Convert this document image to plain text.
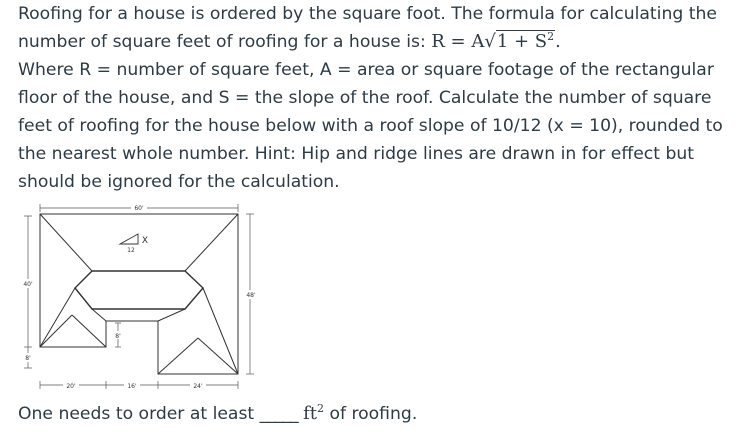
Roofing for a house is ordered by the square foot. The formula for calculating the

number of square feet of roofing for a house is: $R = A√1 + S^2$.

Where R = number of square feet, A = area or square footage of the rectangular floor of the house, and S = the slope of the roof. Calculate the number of square feet of roofing for the house below with a roof slope of 10/12 (x = 10), rounded to the nearest whole number. Hint: Hip and ridge lines are drawn in for effect but should be ignored for the calculation.

60'
40'
8'
48'
8'
20'	16'	24'
12
X
One needs to order at least _____ $ft^2$ of roofing.
